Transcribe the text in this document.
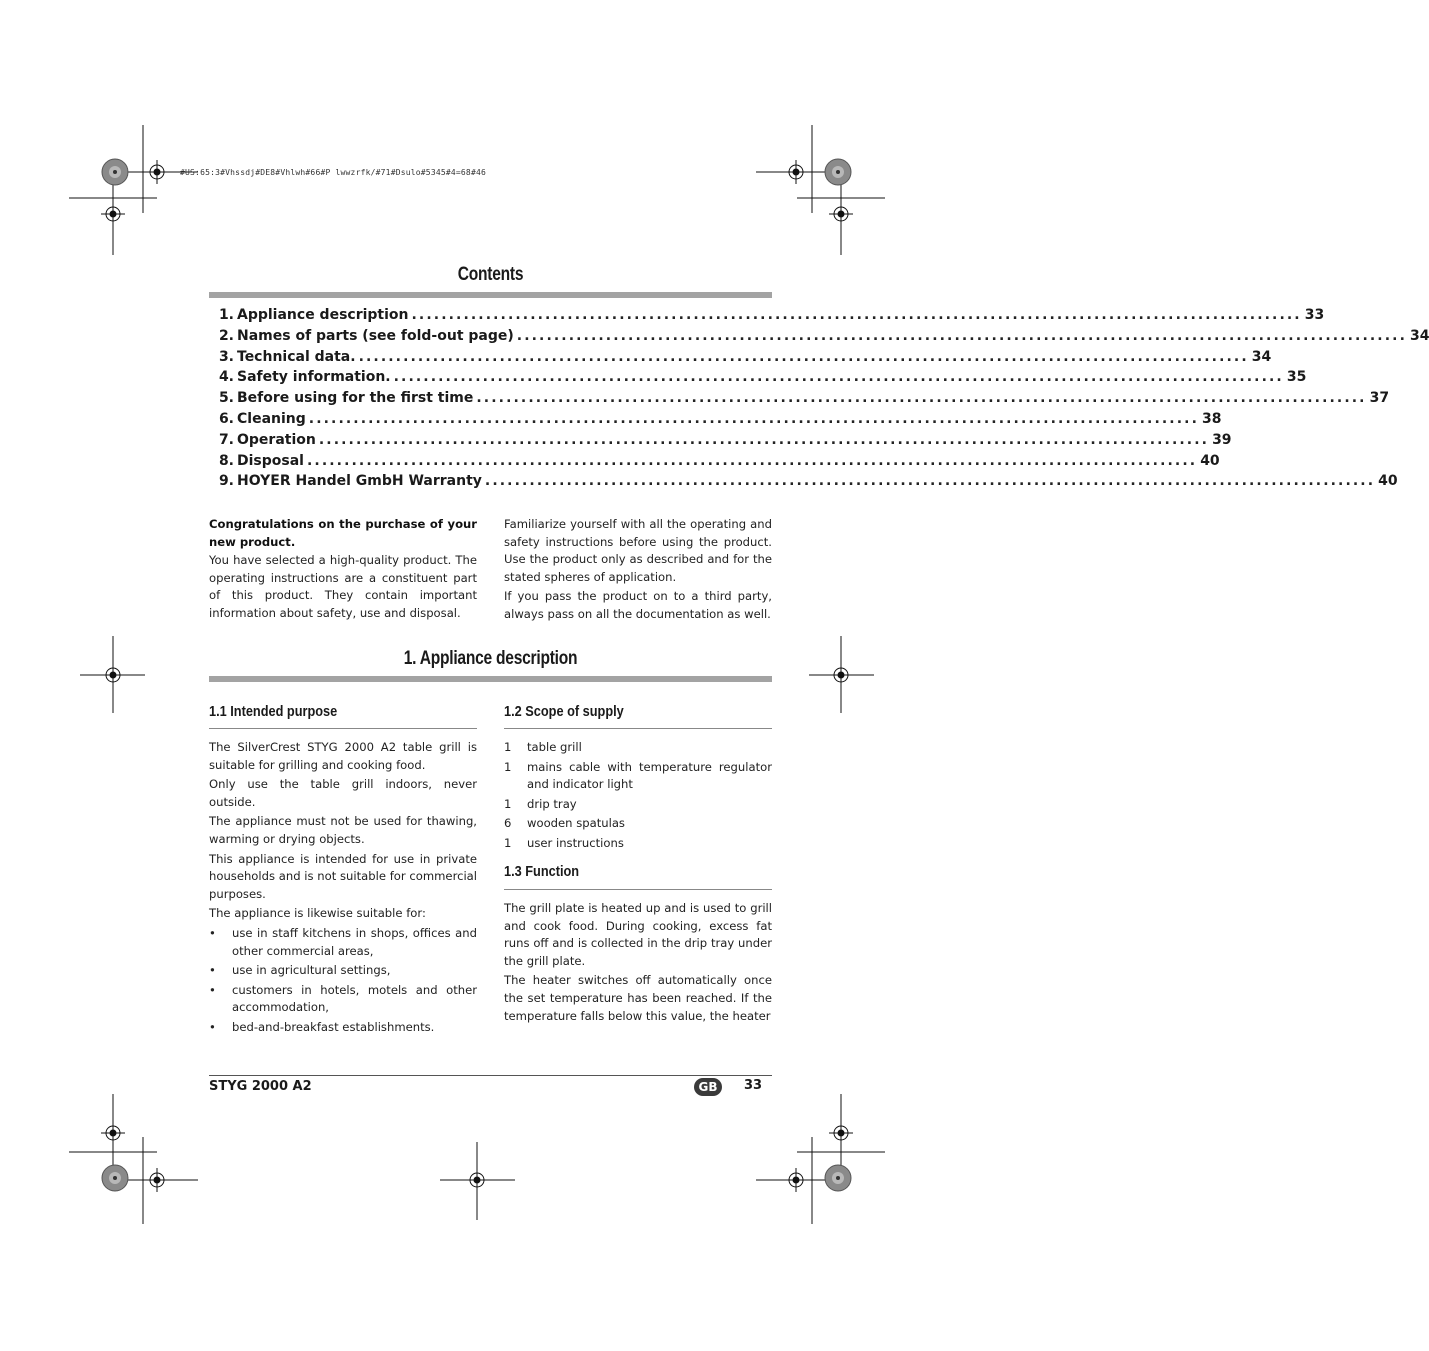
#US:65:3#Vhssdj#DE8#Vhlwh#66#P lwwzrfk/#71#Dsulo#5345#4=68#46
Contents
1. Appliance description ........................................................................................................................ 33
2. Names of parts (see fold-out page) ........................................................................................................................ 34
3. Technical data. ........................................................................................................................ 34
4. Safety information. ........................................................................................................................ 35
5. Before using for the first time ........................................................................................................................ 37
6. Cleaning ........................................................................................................................ 38
7. Operation ........................................................................................................................ 39
8. Disposal ........................................................................................................................ 40
9. HOYER Handel GmbH Warranty ........................................................................................................................ 40

Congratulations on the purchase of your new product.

You have selected a high-quality product. The operating instructions are a constituent part of this product. They contain important information about safety, use and disposal.

Familiarize yourself with all the operating and safety instructions before using the product. Use the product only as described and for the stated spheres of application.

If you pass the product on to a third party, always pass on all the documentation as well.

1. Appliance description
1.1 Intended purpose

The SilverCrest STYG 2000 A2 table grill is suitable for grilling and cooking food.

Only use the table grill indoors, never outside.

The appliance must not be used for thawing, warming or drying objects.

This appliance is intended for use in private households and is not suitable for commercial purposes.

The appliance is likewise suitable for:

•	use in staff kitchens in shops, offices and other commercial areas,
•	use in agricultural settings,
•	customers in hotels, motels and other accommodation,
•	bed-and-breakfast establishments.
1.2 Scope of supply
1	table grill
1	mains cable with temperature regulator and indicator light
1	drip tray
6	wooden spatulas
1	user instructions
1.3 Function

The grill plate is heated up and is used to grill and cook food. During cooking, excess fat runs off and is collected in the drip tray under the grill plate.

The heater switches off automatically once the set temperature has been reached. If the temperature falls below this value, the heater

STYG 2000 A2	GB	33
